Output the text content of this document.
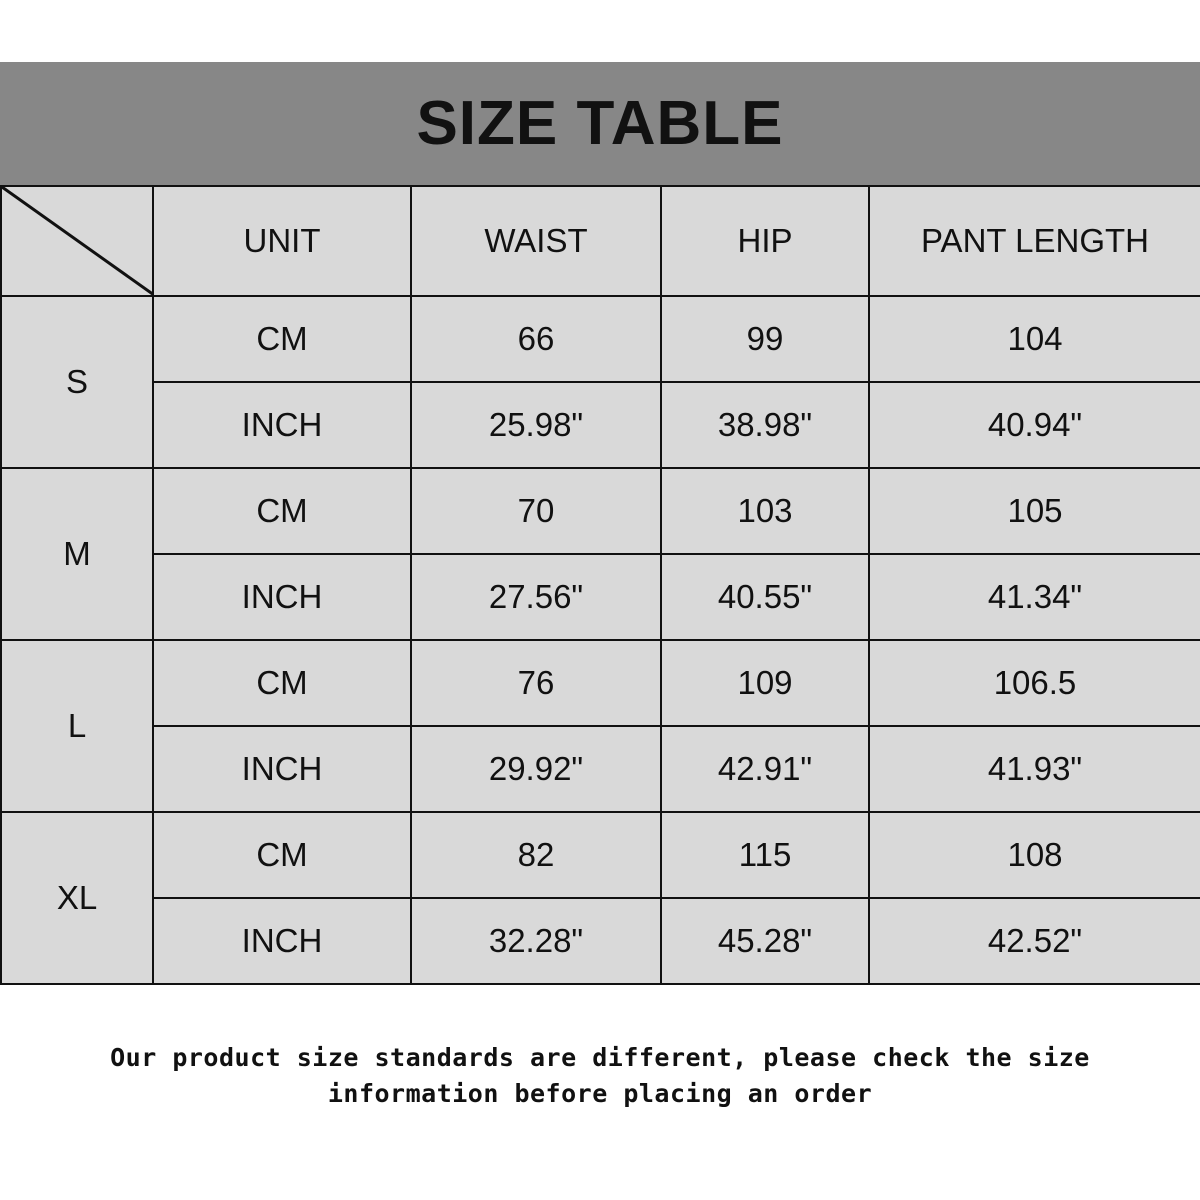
SIZE TABLE
	UNIT	WAIST	HIP	PANT LENGTH
S	CM	66	99	104
	INCH	25.98"	38.98"	40.94"
M	CM	70	103	105
	INCH	27.56"	40.55"	41.34"
L	CM	76	109	106.5
	INCH	29.92"	42.91"	41.93"
XL	CM	82	115	108
	INCH	32.28"	45.28"	42.52"
Our product size standards are different, please check the size
information before placing an order
